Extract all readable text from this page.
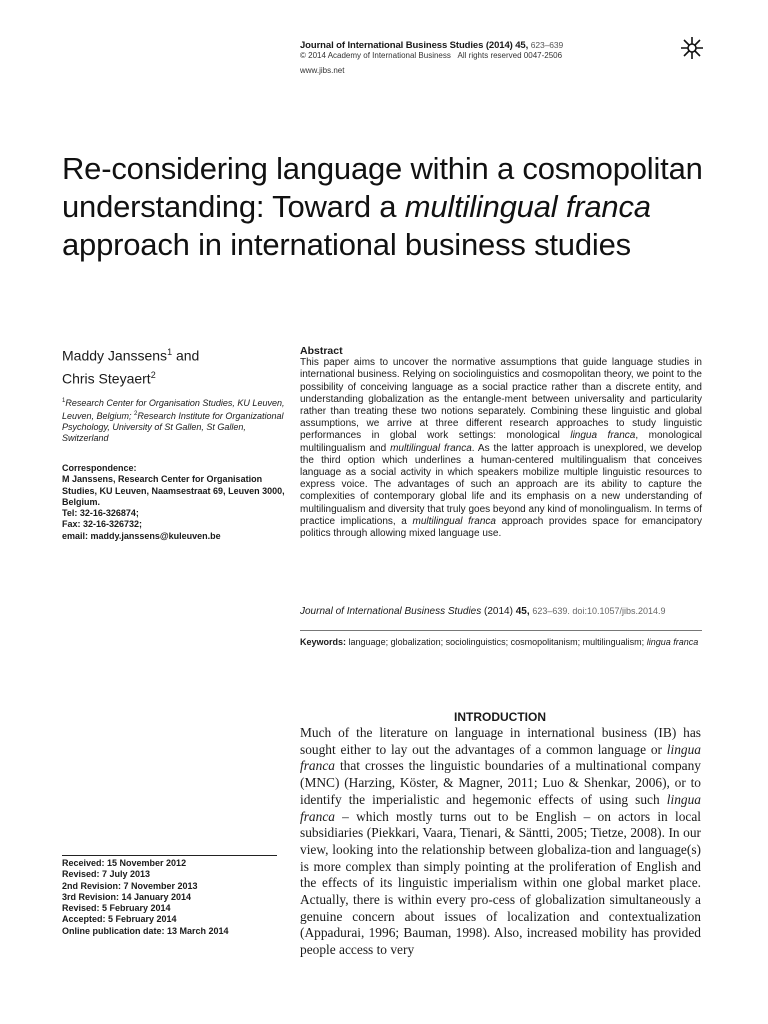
Journal of International Business Studies (2014) 45, 623–639
© 2014 Academy of International Business All rights reserved 0047-2506
www.jibs.net
Re-considering language within a cosmopolitan understanding: Toward a multilingual franca approach in international business studies
Maddy Janssens$^1$ and
Chris Steyaert$^2$
$^1$Research Center for Organisation Studies, KU Leuven, Leuven, Belgium; $^2$Research Institute for Organizational Psychology, University of St Gallen, St Gallen, Switzerland
Correspondence:
M Janssens, Research Center for Organisation Studies, KU Leuven, Naamsestraat 69, Leuven 3000, Belgium.
Tel: 32-16-326874;
Fax: 32-16-326732;
email: maddy.janssens@kuleuven.be
Received: 15 November 2012
Revised: 7 July 2013
2nd Revision: 7 November 2013
3rd Revision: 14 January 2014
Revised: 5 February 2014
Accepted: 5 February 2014
Online publication date: 13 March 2014
Abstract
This paper aims to uncover the normative assumptions that guide language studies in international business. Relying on sociolinguistics and cosmopolitan theory, we point to the possibility of conceiving language as a social practice rather than a discrete entity, and understanding globalization as the entangle-ment between universality and particularity rather than treating these two notions separately. Combining these linguistic and global assumptions, we arrive at three different research approaches to study linguistic performances in global work settings: monological lingua franca, monological multilingualism and multilingual franca. As the latter approach is unexplored, we develop the third option which underlines a human-centered multilingualism that conceives language as a social activity in which speakers mobilize multiple linguistic resources to express voice. The advantages of such an approach are its ability to capture the complexities of contemporary global life and its emphasis on a new understanding of multilingualism and diversity that truly goes beyond any kind of monolingualism. In terms of practice implications, a multilingual franca approach provides space for emancipatory politics through allowing mixed language use.
Journal of International Business Studies (2014) 45, 623–639. doi:10.1057/jibs.2014.9
Keywords: language; globalization; sociolinguistics; cosmopolitanism; multilingualism; lingua franca
INTRODUCTION
Much of the literature on language in international business (IB) has sought either to lay out the advantages of a common language or lingua franca that crosses the linguistic boundaries of a multinational company (MNC) (Harzing, Köster, & Magner, 2011; Luo & Shenkar, 2006), or to identify the imperialistic and hegemonic effects of using such lingua franca – which mostly turns out to be English – on actors in local subsidiaries (Piekkari, Vaara, Tienari, & Säntti, 2005; Tietze, 2008). In our view, looking into the relationship between globaliza-tion and language(s) is more complex than simply pointing at the proliferation of English and the effects of its linguistic imperialism within one global market place. Actually, there is within every pro-cess of globalization simultaneously a genuine concern about issues of localization and contextualization (Appadurai, 1996; Bauman, 1998). Also, increased mobility has provided people access to very
